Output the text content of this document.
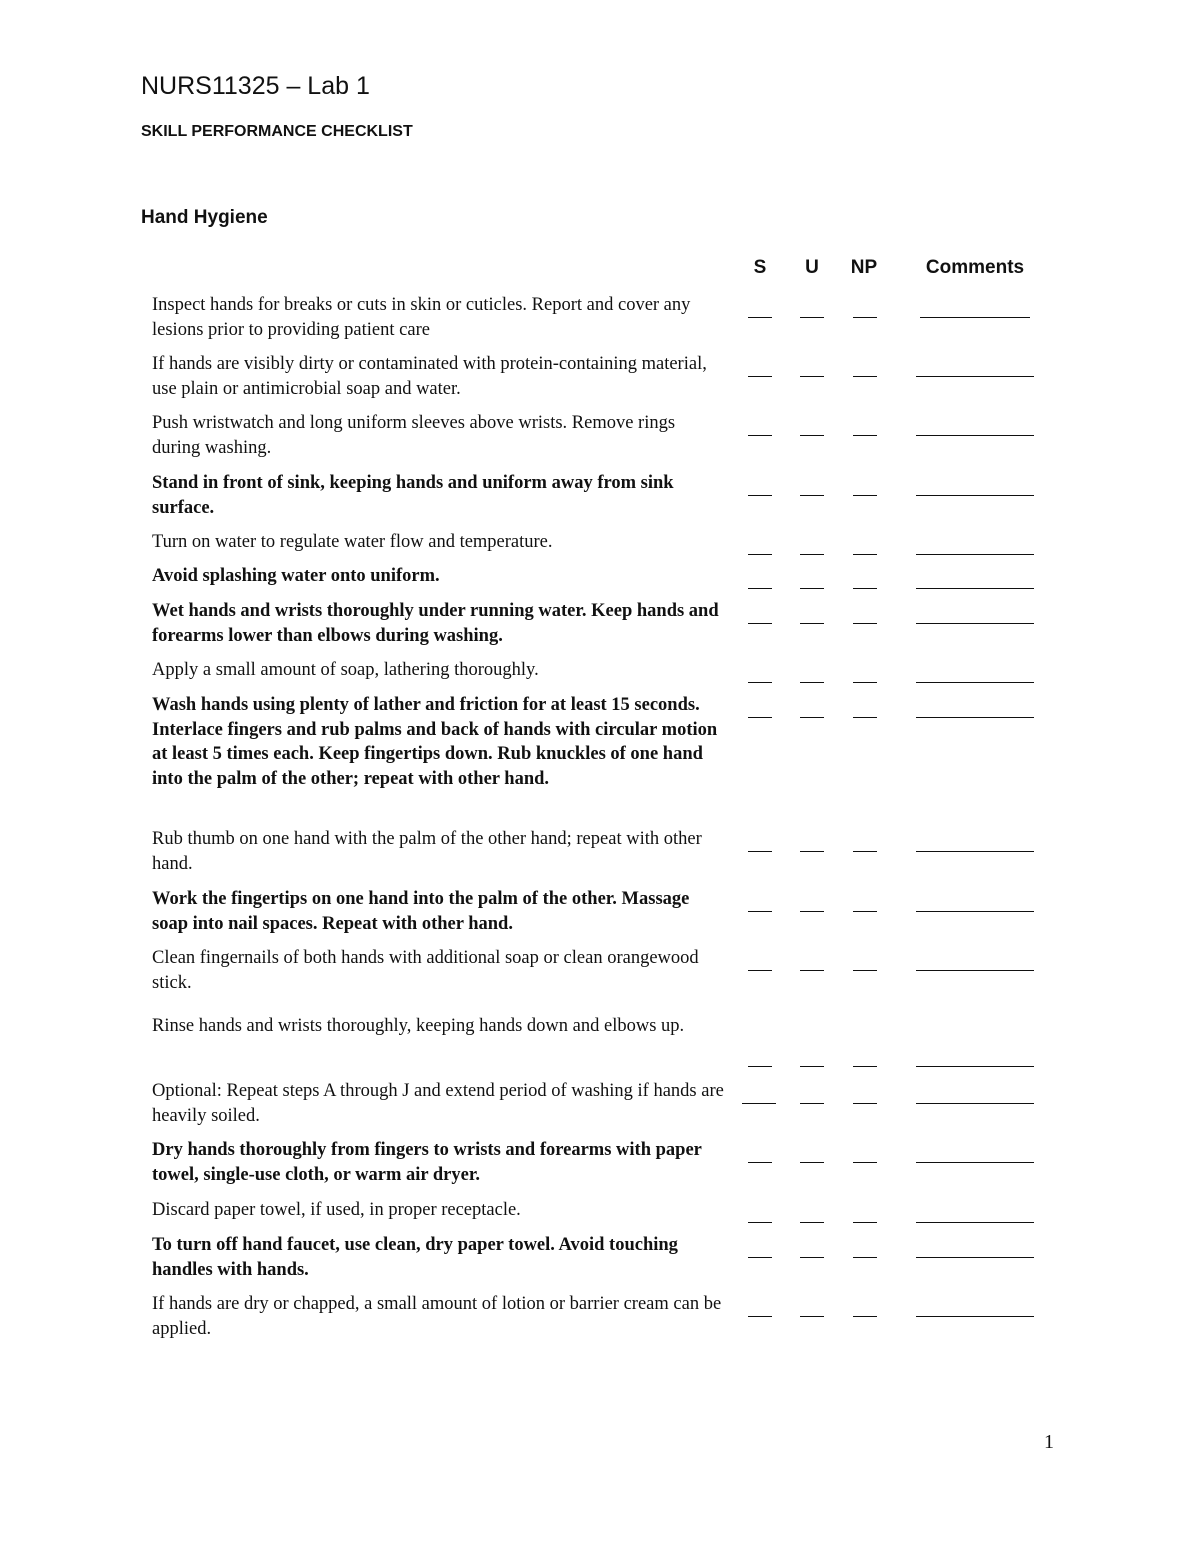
NURS11325 – Lab 1
SKILL PERFORMANCE CHECKLIST
Hand Hygiene
S	U	NP	Comments

Inspect hands for breaks or cuts in skin or cuticles. Report and cover any lesions prior to providing patient care

If hands are visibly dirty or contaminated with protein-containing material, use plain or antimicrobial soap and water.

Push wristwatch and long uniform sleeves above wrists. Remove rings during washing.

Stand in front of sink, keeping hands and uniform away from sink surface.

Turn on water to regulate water flow and temperature.

Avoid splashing water onto uniform.

Wet hands and wrists thoroughly under running water. Keep hands and forearms lower than elbows during washing.

Apply a small amount of soap, lathering thoroughly.

Wash hands using plenty of lather and friction for at least 15 seconds. Interlace fingers and rub palms and back of hands with circular motion at least 5 times each. Keep fingertips down. Rub knuckles of one hand into the palm of the other; repeat with other hand.

Rub thumb on one hand with the palm of the other hand; repeat with other hand.

Work the fingertips on one hand into the palm of the other. Massage soap into nail spaces. Repeat with other hand.

Clean fingernails of both hands with additional soap or clean orangewood stick.

Rinse hands and wrists thoroughly, keeping hands down and elbows up.

Optional: Repeat steps A through J and extend period of washing if hands are heavily soiled.

Dry hands thoroughly from fingers to wrists and forearms with paper towel, single-use cloth, or warm air dryer.

Discard paper towel, if used, in proper receptacle.

To turn off hand faucet, use clean, dry paper towel. Avoid touching handles with hands.

If hands are dry or chapped, a small amount of lotion or barrier cream can be applied.

1
